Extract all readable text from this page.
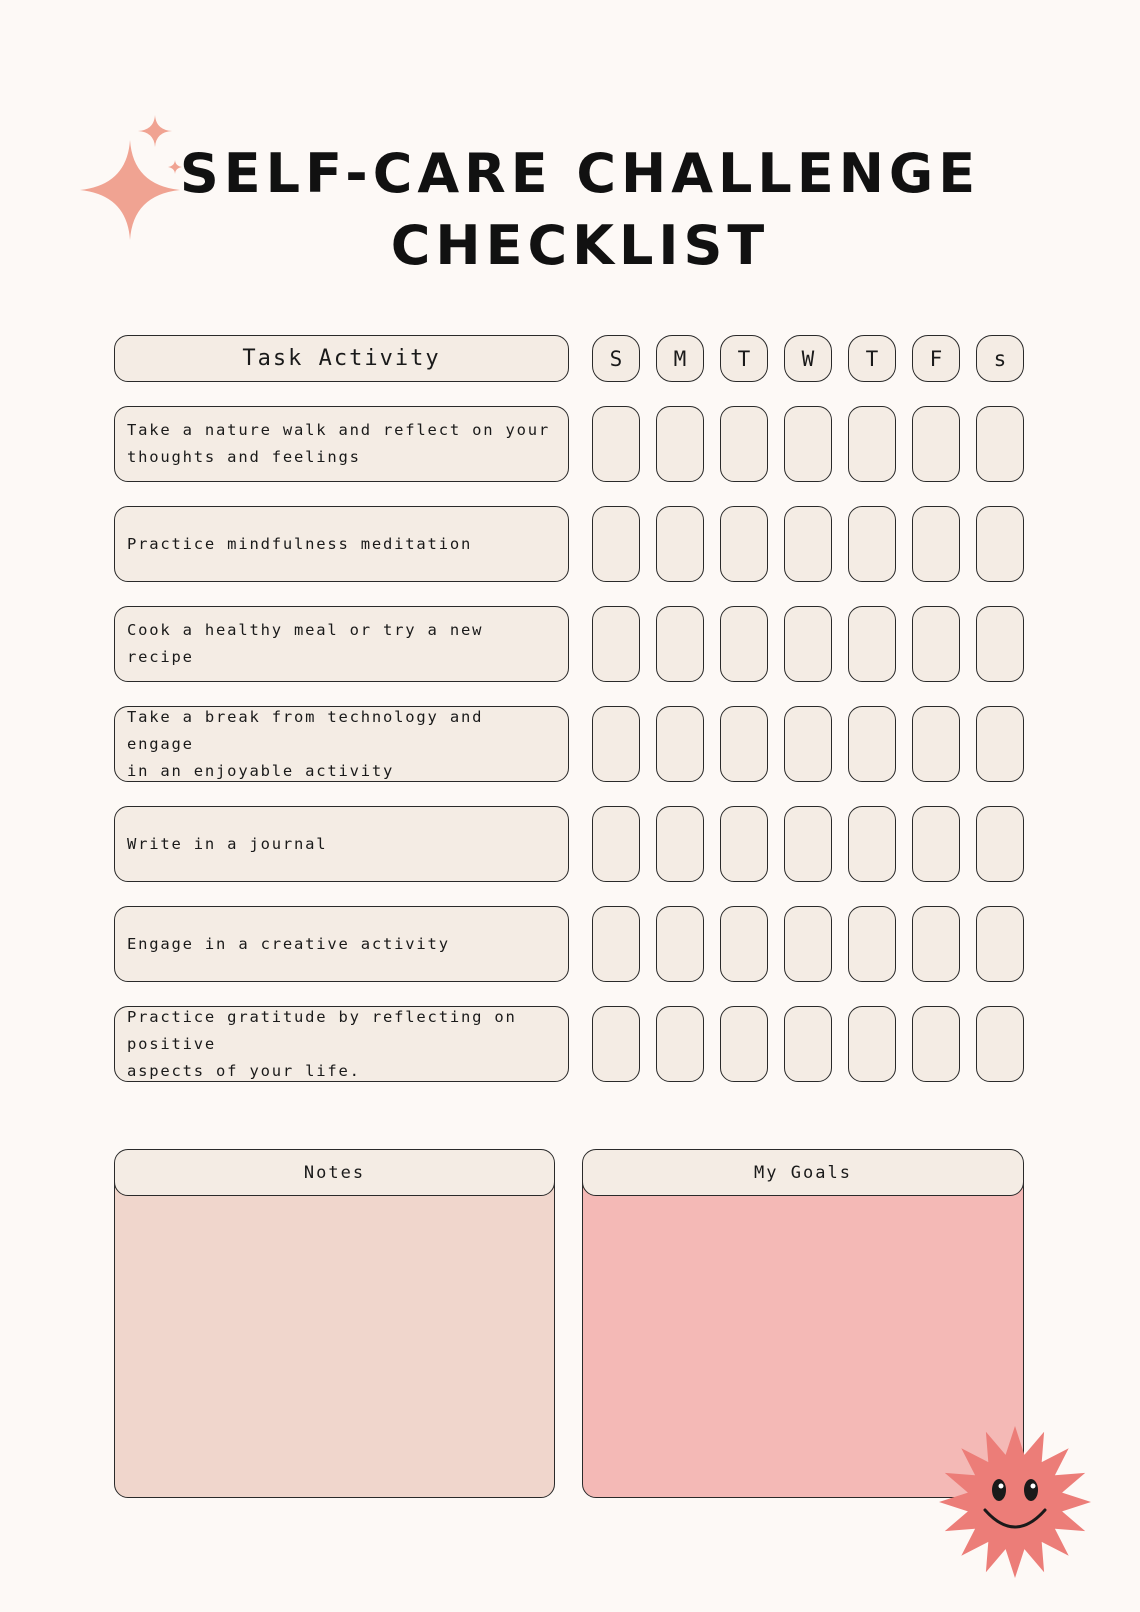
SELF-CARE CHALLENGE
CHECKLIST
Task Activity	S	M	T	W	T	F	s
Take a nature walk and reflect on your
thoughts and feelings
Practice mindfulness meditation
Cook a healthy meal or try a new recipe
Take a break from technology and engage
in an enjoyable activity
Write in a journal
Engage in a creative activity
Practice gratitude by reflecting on positive
aspects of your life.
Notes	My Goals
